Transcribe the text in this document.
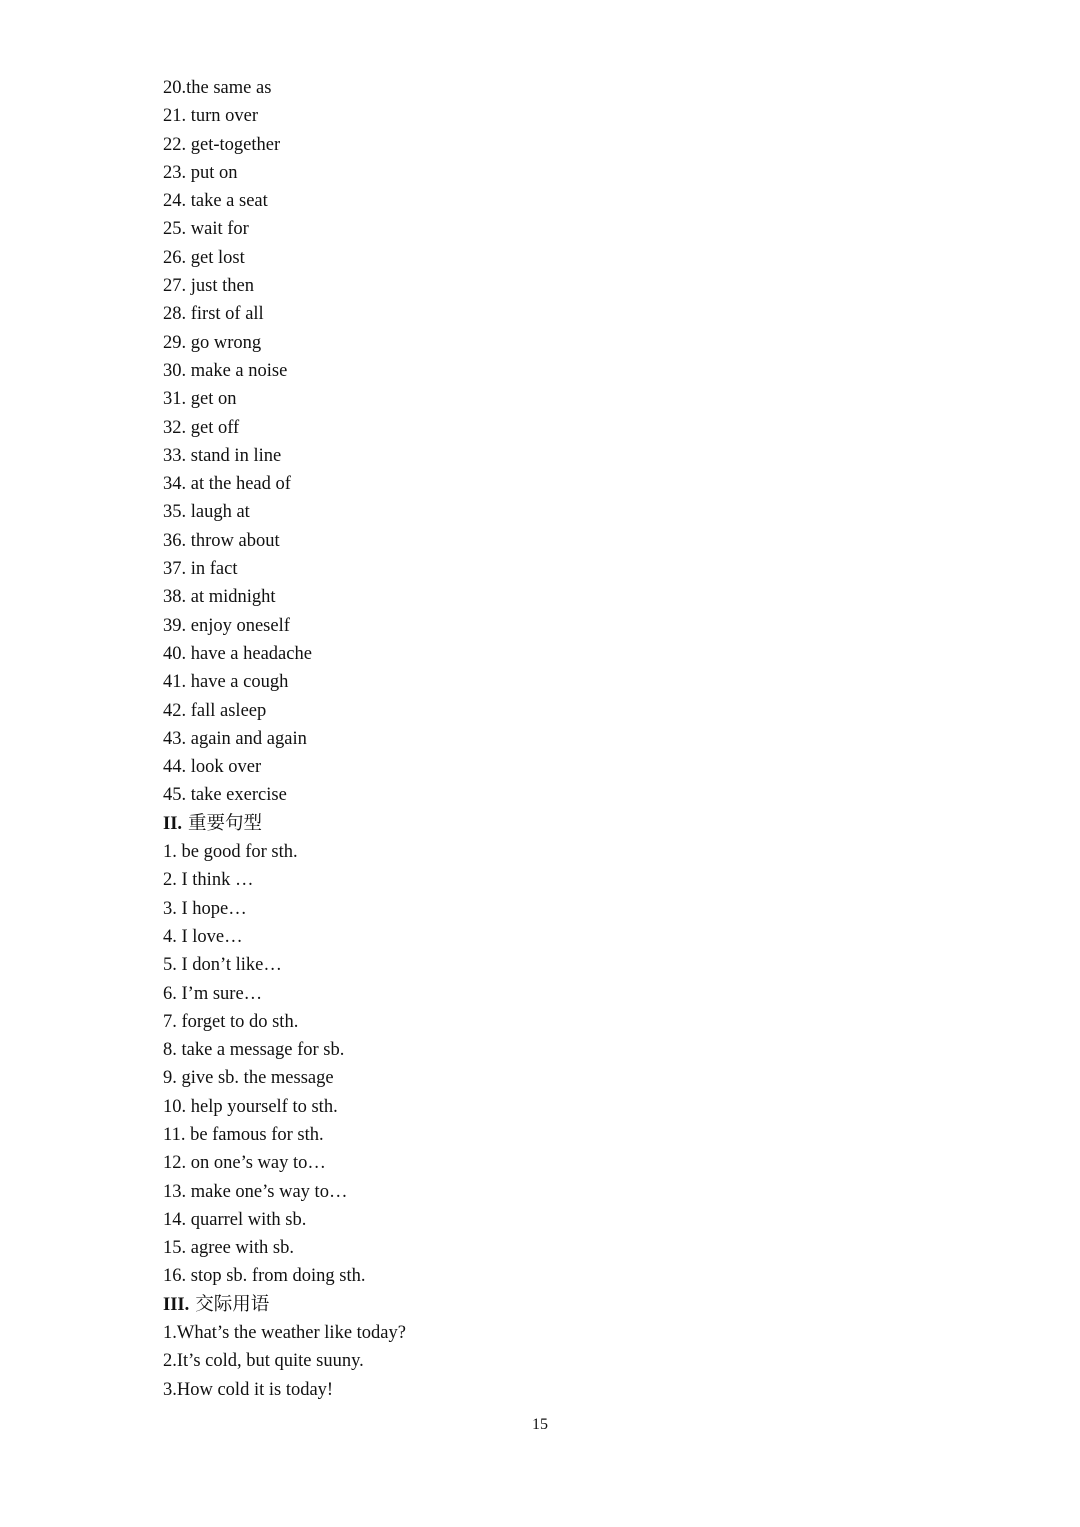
20.the same as
21. turn over
22. get-together
23. put on
24. take a seat
25. wait for
26. get lost
27. just then
28. first of all
29. go wrong
30. make a noise
31. get on
32. get off
33. stand in line
34. at the head of
35. laugh at
36. throw about
37. in fact
38. at midnight
39. enjoy oneself
40. have a headache
41. have a cough
42. fall asleep
43. again and again
44. look over
45. take exercise
II. 重要句型
1. be good for sth.
2. I think …
3. I hope…
4. I love…
5. I don’t like…
6. I’m sure…
7. forget to do sth.
8. take a message for sb.
9. give sb. the message
10. help yourself to sth.
11. be famous for sth.
12. on one’s way to…
13. make one’s way to…
14. quarrel with sb.
15. agree with sb.
16. stop sb. from doing sth.
III. 交际用语
1.What’s the weather like today?
2.It’s cold, but quite suuny.
3.How cold it is today!
15
